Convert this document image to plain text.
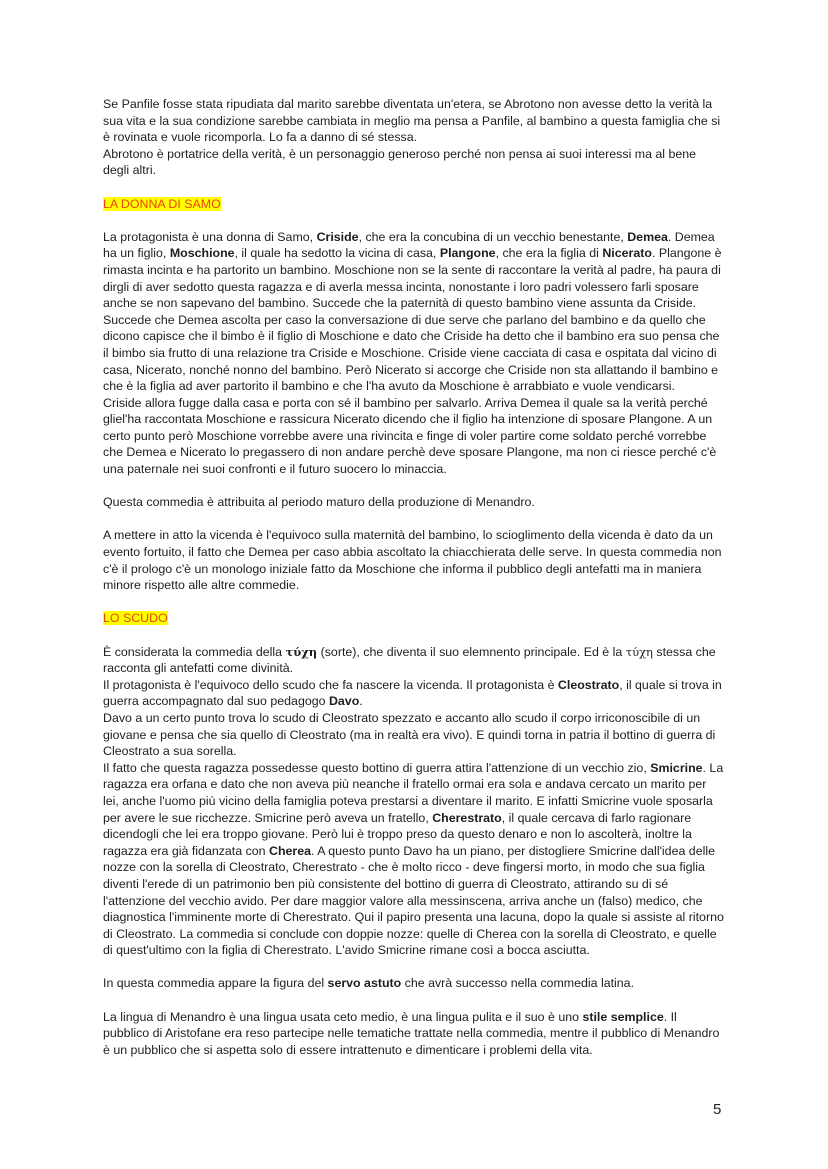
Se Panfile fosse stata ripudiata dal marito sarebbe diventata un'etera, se Abrotono non avesse detto la verità la
sua vita e la sua condizione sarebbe cambiata in meglio ma pensa a Panfile, al bambino a questa famiglia che si
è rovinata e vuole ricomporla. Lo fa a danno di sé stessa.
Abrotono è portatrice della verità, è un personaggio generoso perché non pensa ai suoi interessi ma al bene
degli altri.
LA DONNA DI SAMO
La protagonista è una donna di Samo, Criside, che era la concubina di un vecchio benestante, Demea. Demea
ha un figlio, Moschione, il quale ha sedotto la vicina di casa, Plangone, che era la figlia di Nicerato. Plangone è
rimasta incinta e ha partorito un bambino. Moschione non se la sente di raccontare la verità al padre, ha paura di
dirgli di aver sedotto questa ragazza e di averla messa incinta, nonostante i loro padri volessero farli sposare
anche se non sapevano del bambino. Succede che la paternità di questo bambino viene assunta da Criside.
Succede che Demea ascolta per caso la conversazione di due serve che parlano del bambino e da quello che
dicono capisce che il bimbo è il figlio di Moschione e dato che Criside ha detto che il bambino era suo pensa che
il bimbo sia frutto di una relazione tra Criside e Moschione. Criside viene cacciata di casa e ospitata dal vicino di
casa, Nicerato, nonché nonno del bambino. Però Nicerato si accorge che Criside non sta allattando il bambino e
che è la figlia ad aver partorito il bambino e che l'ha avuto da Moschione è arrabbiato e vuole vendicarsi.
Criside allora fugge dalla casa e porta con sé il bambino per salvarlo. Arriva Demea il quale sa la verità perché
gliel'ha raccontata Moschione e rassicura Nicerato dicendo che il figlio ha intenzione di sposare Plangone. A un
certo punto però Moschione vorrebbe avere una rivincita e finge di voler partire come soldato perché vorrebbe
che Demea e Nicerato lo pregassero di non andare perchè deve sposare Plangone, ma non ci riesce perché c'è
una paternale nei suoi confronti e il futuro suocero lo minaccia.
Questa commedia è attribuita al periodo maturo della produzione di Menandro.
A mettere in atto la vicenda è l'equivoco sulla maternità del bambino, lo scioglimento della vicenda è dato da un
evento fortuito, il fatto che Demea per caso abbia ascoltato la chiacchierata delle serve. In questa commedia non
c'è il prologo c'è un monologo iniziale fatto da Moschione che informa il pubblico degli antefatti ma in maniera
minore rispetto alle altre commedie.
LO SCUDO
È considerata la commedia della τύχη (sorte), che diventa il suo elemnento principale. Ed è la τύχη stessa che
racconta gli antefatti come divinità.
Il protagonista è l'equivoco dello scudo che fa nascere la vicenda. Il protagonista è Cleostrato, il quale si trova in
guerra accompagnato dal suo pedagogo Davo.
Davo a un certo punto trova lo scudo di Cleostrato spezzato e accanto allo scudo il corpo irriconoscibile di un
giovane e pensa che sia quello di Cleostrato (ma in realtà era vivo). E quindi torna in patria il bottino di guerra di
Cleostrato a sua sorella.
Il fatto che questa ragazza possedesse questo bottino di guerra attira l'attenzione di un vecchio zio, Smicrine. La
ragazza era orfana e dato che non aveva più neanche il fratello ormai era sola e andava cercato un marito per
lei, anche l'uomo più vicino della famiglia poteva prestarsi a diventare il marito. E infatti Smicrine vuole sposarla
per avere le sue ricchezze. Smicrine però aveva un fratello, Cherestrato, il quale cercava di farlo ragionare
dicendogli che lei era troppo giovane. Però lui è troppo preso da questo denaro e non lo ascolterà, inoltre la
ragazza era già fidanzata con Cherea. A questo punto Davo ha un piano, per distogliere Smicrine dall'idea delle
nozze con la sorella di Cleostrato, Cherestrato - che è molto ricco - deve fingersi morto, in modo che sua figlia
diventi l'erede di un patrimonio ben più consistente del bottino di guerra di Cleostrato, attirando su di sé
l'attenzione del vecchio avido. Per dare maggior valore alla messinscena, arriva anche un (falso) medico, che
diagnostica l'imminente morte di Cherestrato. Qui il papiro presenta una lacuna, dopo la quale si assiste al ritorno
di Cleostrato. La commedia si conclude con doppie nozze: quelle di Cherea con la sorella di Cleostrato, e quelle
di quest'ultimo con la figlia di Cherestrato. L'avido Smicrine rimane così a bocca asciutta.
In questa commedia appare la figura del servo astuto che avrà successo nella commedia latina.
La lingua di Menandro è una lingua usata ceto medio, è una lingua pulita e il suo è uno stile semplice. Il
pubblico di Aristofane era reso partecipe nelle tematiche trattate nella commedia, mentre il pubblico di Menandro
è un pubblico che si aspetta solo di essere intrattenuto e dimenticare i problemi della vita.
5
